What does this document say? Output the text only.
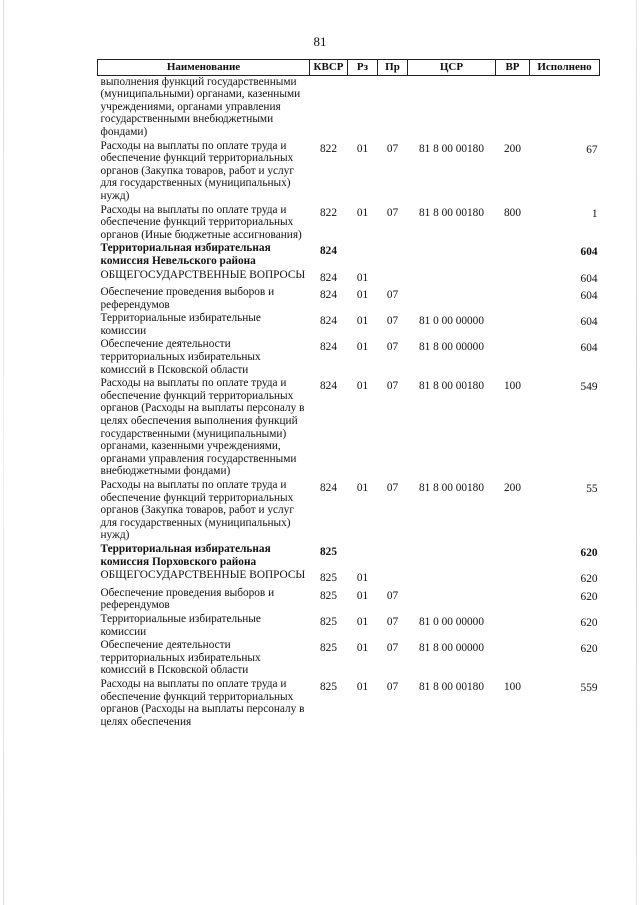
81
Наименование	КВСР	Рз	Пр	ЦСР	ВР	Исполнено
выполнения функций государственными (муниципальными) органами, казенными учреждениями, органами управления государственными внебюджетными фондами)						
Расходы на выплаты по оплате труда и обеспечение функций территориальных органов (Закупка товаров, работ и услуг для государственных (муниципальных) нужд)	822	01	07	81 8 00 00180	200	67
Расходы на выплаты по оплате труда и обеспечение функций территориальных органов (Иные бюджетные ассигнования)	822	01	07	81 8 00 00180	800	1
Территориальная избирательная комиссия Невельского района	824					604
ОБЩЕГОСУДАРСТВЕННЫЕ ВОПРОСЫ	824	01				604
Обеспечение проведения выборов и референдумов	824	01	07			604
Территориальные избирательные комиссии	824	01	07	81 0 00 00000		604
Обеспечение деятельности территориальных избирательных комиссий в Псковской области	824	01	07	81 8 00 00000		604
Расходы на выплаты по оплате труда и обеспечение функций территориальных органов (Расходы на выплаты персоналу в целях обеспечения выполнения функций государственными (муниципальными) органами, казенными учреждениями, органами управления государственными внебюджетными фондами)	824	01	07	81 8 00 00180	100	549
Расходы на выплаты по оплате труда и обеспечение функций территориальных органов (Закупка товаров, работ и услуг для государственных (муниципальных) нужд)	824	01	07	81 8 00 00180	200	55
Территориальная избирательная комиссия Порховского района	825					620
ОБЩЕГОСУДАРСТВЕННЫЕ ВОПРОСЫ	825	01				620
Обеспечение проведения выборов и референдумов	825	01	07			620
Территориальные избирательные комиссии	825	01	07	81 0 00 00000		620
Обеспечение деятельности территориальных избирательных комиссий в Псковской области	825	01	07	81 8 00 00000		620
Расходы на выплаты по оплате труда и обеспечение функций территориальных органов (Расходы на выплаты персоналу в целях обеспечения	825	01	07	81 8 00 00180	100	559
